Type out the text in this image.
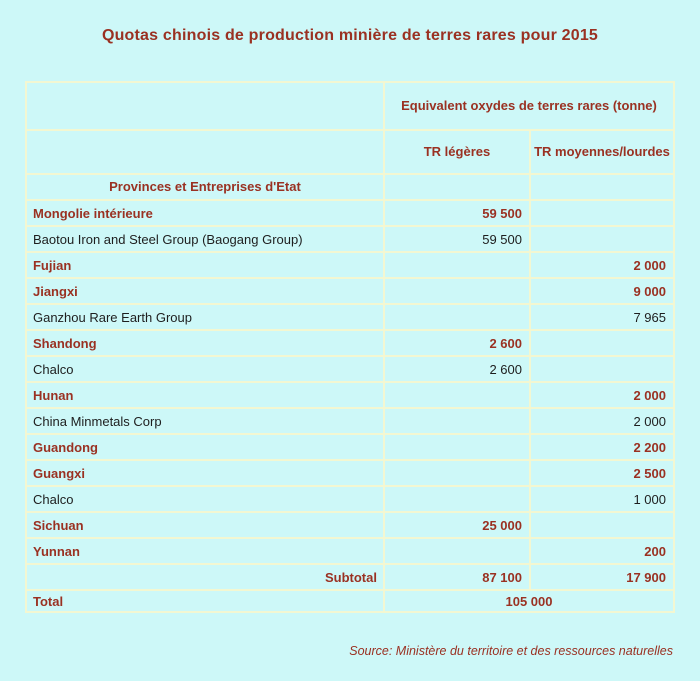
Quotas chinois de production minière de terres rares pour 2015
	Equivalent oxydes de terres rares (tonne)	
	TR légères	TR moyennes/lourdes
Provinces et Entreprises d'Etat		
Mongolie intérieure	59 500	
Baotou Iron and Steel Group (Baogang Group)	59 500	
Fujian		2 000
Jiangxi		9 000
Ganzhou Rare Earth Group		7 965
Shandong	2 600	
Chalco	2 600	
Hunan		2 000
China Minmetals Corp		2 000
Guandong		2 200
Guangxi		2 500
Chalco		1 000
Sichuan	25 000	
Yunnan		200
Subtotal	87 100	17 900
Total	105 000	
Source: Ministère du territoire et des ressources naturelles
